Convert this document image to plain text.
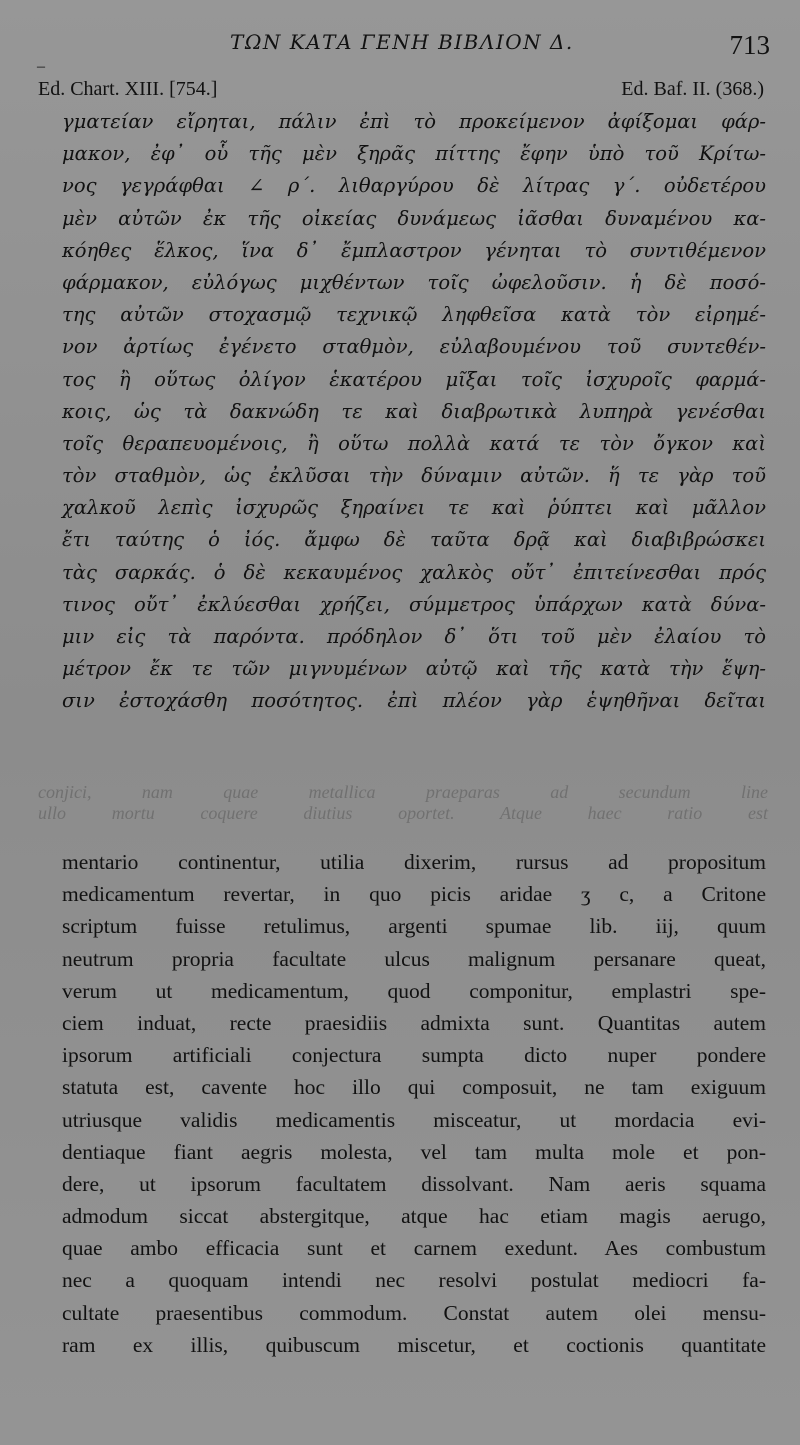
‒
ΤΩΝ ΚΑΤΑ ΓΕΝΗ ΒΙΒΛΙΟΝ Δ.	713
Ed. Chart. XIII. [754.]	Ed. Baf. II. (368.)
γματείαν εἴρηται, πάλιν ἐπὶ τὸ προκείμενον ἀφίξομαι φάρ-
μακον, ἐφ᾽ οὗ τῆς μὲν ξηρᾶς πίττης ἔφην ὑπὸ τοῦ Κρίτω-
νος γεγράφθαι ∠ ρ΄. λιθαργύρου δὲ λίτρας γ΄. οὐδετέρου
μὲν αὐτῶν ἐκ τῆς οἰκείας δυνάμεως ἰᾶσθαι δυναμένου κα-
κόηθες ἕλκος, ἵνα δ᾽ ἔμπλαστρον γένηται τὸ συντιθέμενον
φάρμακον, εὐλόγως μιχθέντων τοῖς ὠφελοῦσιν. ἡ δὲ ποσό-
της αὐτῶν στοχασμῷ τεχνικῷ ληφθεῖσα κατὰ τὸν εἰρημέ-
νον ἀρτίως ἐγένετο σταθμὸν, εὐλαβουμένου τοῦ συντεθέν-
τος ἢ οὕτως ὀλίγον ἑκατέρου μῖξαι τοῖς ἰσχυροῖς φαρμά-
κοις, ὡς τὰ δακνώδη τε καὶ διαβρωτικὰ λυπηρὰ γενέσθαι
τοῖς θεραπευομένοις, ἢ οὕτω πολλὰ κατά τε τὸν ὄγκον καὶ
τὸν σταθμὸν, ὡς ἐκλῦσαι τὴν δύναμιν αὐτῶν. ἥ τε γὰρ τοῦ
χαλκοῦ λεπὶς ἰσχυρῶς ξηραίνει τε καὶ ῥύπτει καὶ μᾶλλον
ἔτι ταύτης ὁ ἰός. ἄμφω δὲ ταῦτα δρᾷ καὶ διαβιβρώσκει
τὰς σαρκάς. ὁ δὲ κεκαυμένος χαλκὸς οὔτ᾽ ἐπιτείνεσθαι πρός
τινος οὔτ᾽ ἐκλύεσθαι χρήζει, σύμμετρος ὑπάρχων κατὰ δύνα-
μιν εἰς τὰ παρόντα. πρόδηλον δ᾽ ὅτι τοῦ μὲν ἐλαίου τὸ
μέτρον ἔκ τε τῶν μιγνυμένων αὐτῷ καὶ τῆς κατὰ τὴν ἕψη-
σιν ἐστοχάσθη ποσότητος. ἐπὶ πλέον γὰρ ἑψηθῆναι δεῖται
conjici, nam quae metallica praeparas ad secundum line
ullo mortu coquere diutius oportet. Atque haec ratio est
mentario continentur, utilia dixerim, rursus ad propositum
medicamentum revertar, in quo picis aridae ʒ c, a Critone
scriptum fuisse retulimus, argenti spumae lib. iij, quum
neutrum propria facultate ulcus malignum persanare queat,
verum ut medicamentum, quod componitur, emplastri spe-
ciem induat, recte praesidiis admixta sunt. Quantitas autem
ipsorum artificiali conjectura sumpta dicto nuper pondere
statuta est, cavente hoc illo qui composuit, ne tam exiguum
utriusque validis medicamentis misceatur, ut mordacia evi-
dentiaque fiant aegris molesta, vel tam multa mole et pon-
dere, ut ipsorum facultatem dissolvant. Nam aeris squama
admodum siccat abstergitque, atque hac etiam magis aerugo,
quae ambo efficacia sunt et carnem exedunt. Aes combustum
nec a quoquam intendi nec resolvi postulat mediocri fa-
cultate praesentibus commodum. Constat autem olei mensu-
ram ex illis, quibuscum miscetur, et coctionis quantitate
